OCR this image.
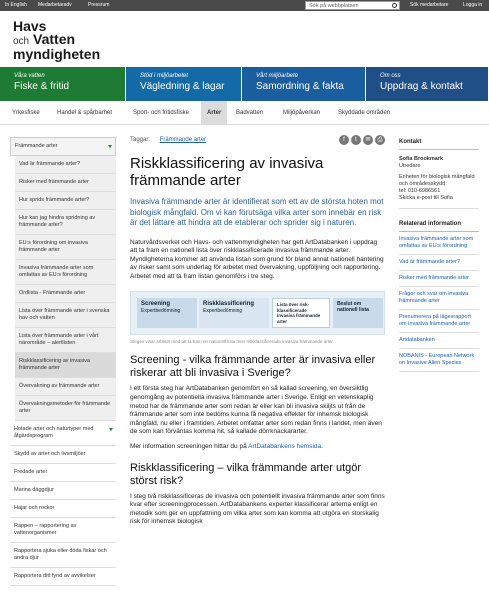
In English Medarbetaradv	Pressrum	Sök på webbplatsen	Sök medarbetare	Logga in
Havs
och Vatten
myndigheten
Våra vatten
Fiske & fritid
Stöd i miljöarbetet
Vägledning & lagar
Vårt miljöarbete
Samordning & fakta
Om oss
Uppdrag & kontakt
Yrkesfiske	Handel & spårbarhet	Sport- och fritidsfiske	Arter	Badvatten	Miljöpåverkan	Skyddade områden
Främmande arter
Vad är främmande arter?
Risker med främmande arter
Hur sprids främmande arter?
Hur kan jag hindra spridning av främmande arter?
EU:s förordning om invasiva främmande arter
Invasiva främmande arter som omfattas av EU:s förordning
Ordlista - Främmande arter
Lista över främmande arter i svenska hav och vatten
Lista över främmande arter i vårt närområde – alertlisten
Riskklassificering av invasiva främmande arter
Övervakning av främmande arter
Övervakningsmetoder för främmande arter
Hotade arter och naturtyper med åtgärdsprogram
Skydd av arter och livsmiljöer
Fredade arter
Marina däggdjur
Hajar och rockor
Rappen – rapportering av vattenorganismer
Rapportera sjuka eller döda fiskar och andra djur
Rapportera ditt fynd av avvikelser
Taggar: Främmande arter	f t ✉ ⎙
Riskklassificering av invasiva främmande arter

Invasiva främmande arter är identifierat som ett av de största hoten mot biologisk mångfald. Om vi kan förutsäga vilka arter som innebär en risk är det lättare att hindra att de etablerar och sprider sig i naturen.

Naturvårdsverket och Havs- och vattenmyndigheten har gett ArtDatabanken i uppdrag att ta fram en nationell lista över riskklassificerade invasiva främmande arter. Myndigheterna kommer att använda listan som grund för bland annat nationell hantering av risker samt som underlag för arbetet med övervakning, uppföljning och rapportering. Arbetet med att ta fram listan genomförs i tre steg.

Screening
Expertbedömning
Riskklassificering
Expertbedömning
Lista över risk-klassificerade invasiva främmande arter
Beslut om nationell lista

Stegen visar arbetet med att ta fram en nationell lista över riskklassificerade invasiva främmande arter.

Screening - vilka främmande arter är invasiva eller riskerar att bli invasiva i Sverige?

I ett första steg har ArtDatabanken genomfört en så kallad screening, en översiktlig genomgång av potentiella invasiva främmande arter i Sverige. Enligt en vetenskaplig metod har de främmande arter som redan är eller kan bli invasiva skiljts ut från de främmande arter som inte bedöms kunna få negativa effekter för inhemsk biologisk mångfald, nu eller i framtiden. Arbetet omfattar arter som redan finns i landet, men även de som kan förväntas komma hit, så kallade dörrknackararter.

Mer information screeningen hittar du på ArtDatabankens hemsida.

Riskklassificering – vilka främmande arter utgör störst risk?

I steg två riskklassificeras de invasiva och potentiellt invasiva främmande arter som finns kvar efter screeningprocessen. ArtDatabankens experter klassificerar arterna enligt en metodik som ger en uppfattning om vilka arter som kan komma att utgöra en storskalig risk för inhemsk biologisk

Kontakt
Sofia Brookmark
Utredare
Enheten för biologisk mångfald och områdesskydd
tel: 010-6986561
Skicka e-post till Sofia
Relaterad information
Invasiva främmande arter som omfattas av EU:s förordning
Vad är främmande arter?
Risker med främmande arter
Frågor och svar om invasiva främmande arter
Prenumerera på lägesrapport om invasiva främmande arter
Artdatabanken
NOBANIS - European Network on Invasive Alien Species
